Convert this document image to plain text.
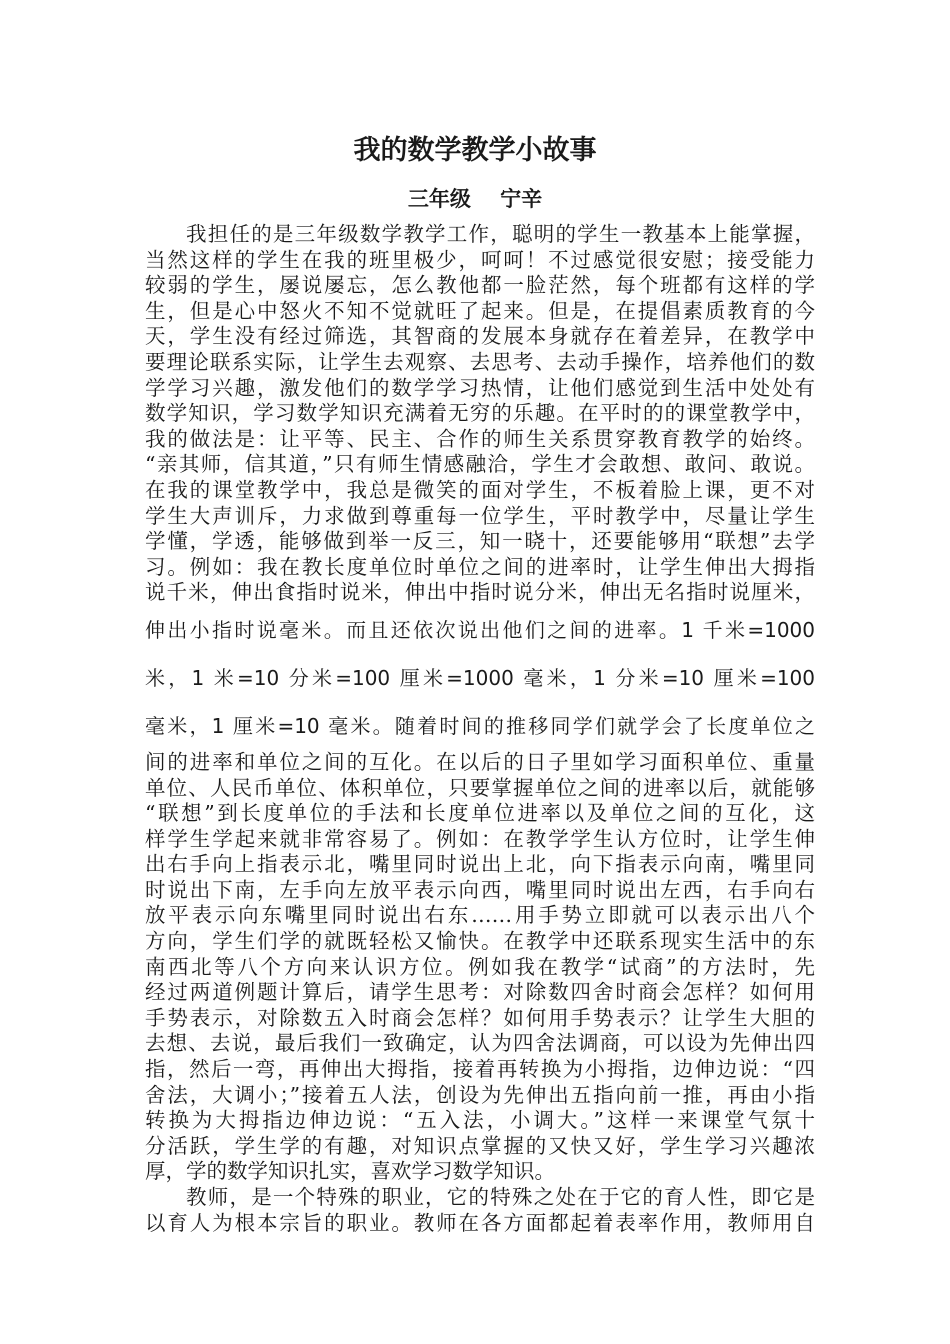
我的数学教学小故事
三年级    宁辛
我担任的是三年级数学教学工作，聪明的学生一教基本上能掌握，
当然这样的学生在我的班里极少，呵呵！不过感觉很安慰；接受能力
较弱的学生，屡说屡忘，怎么教他都一脸茫然，每个班都有这样的学
生，但是心中怒火不知不觉就旺了起来。但是，在提倡素质教育的今
天，学生没有经过筛选，其智商的发展本身就存在着差异，在教学中
要理论联系实际，让学生去观察、去思考、去动手操作，培养他们的数
学学习兴趣，激发他们的数学学习热情，让他们感觉到生活中处处有
数学知识，学习数学知识充满着无穷的乐趣。在平时的的课堂教学中，
我的做法是：让平等、民主、合作的师生关系贯穿教育教学的始终。
“亲其师，信其道，”只有师生情感融洽，学生才会敢想、敢问、敢说。
在我的课堂教学中，我总是微笑的面对学生，不板着脸上课，更不对
学生大声训斥，力求做到尊重每一位学生，平时教学中，尽量让学生
学懂，学透，能够做到举一反三，知一晓十，还要能够用“联想”去学
习。例如：我在教长度单位时单位之间的进率时，让学生伸出大拇指
说千米，伸出食指时说米，伸出中指时说分米，伸出无名指时说厘米，
伸出小指时说毫米。而且还依次说出他们之间的进率。1 千米=1000
米，1 米=10 分米=100 厘米=1000 毫米，1 分米=10 厘米=100
毫米，1 厘米=10 毫米。随着时间的推移同学们就学会了长度单位之
间的进率和单位之间的互化。在以后的日子里如学习面积单位、重量
单位、人民币单位、体积单位，只要掌握单位之间的进率以后，就能够
“联想”到长度单位的手法和长度单位进率以及单位之间的互化，这
样学生学起来就非常容易了。例如：在教学学生认方位时，让学生伸
出右手向上指表示北，嘴里同时说出上北，向下指表示向南，嘴里同
时说出下南，左手向左放平表示向西，嘴里同时说出左西，右手向右
放平表示向东嘴里同时说出右东……用手势立即就可以表示出八个
方向，学生们学的就既轻松又愉快。在教学中还联系现实生活中的东
南西北等八个方向来认识方位。例如我在教学“试商”的方法时，先
经过两道例题计算后，请学生思考：对除数四舍时商会怎样？如何用
手势表示，对除数五入时商会怎样？如何用手势表示？让学生大胆的
去想、去说，最后我们一致确定，认为四舍法调商，可以设为先伸出四
指，然后一弯，再伸出大拇指，接着再转换为小拇指，边伸边说：“四
舍法，大调小；”接着五人法，创设为先伸出五指向前一推，再由小指
转换为大拇指边伸边说：“五入法，小调大。”这样一来课堂气氛十
分活跃，学生学的有趣，对知识点掌握的又快又好，学生学习兴趣浓
厚，学的数学知识扎实，喜欢学习数学知识。
教师，是一个特殊的职业，它的特殊之处在于它的育人性，即它是
以育人为根本宗旨的职业。教师在各方面都起着表率作用，教师用自
